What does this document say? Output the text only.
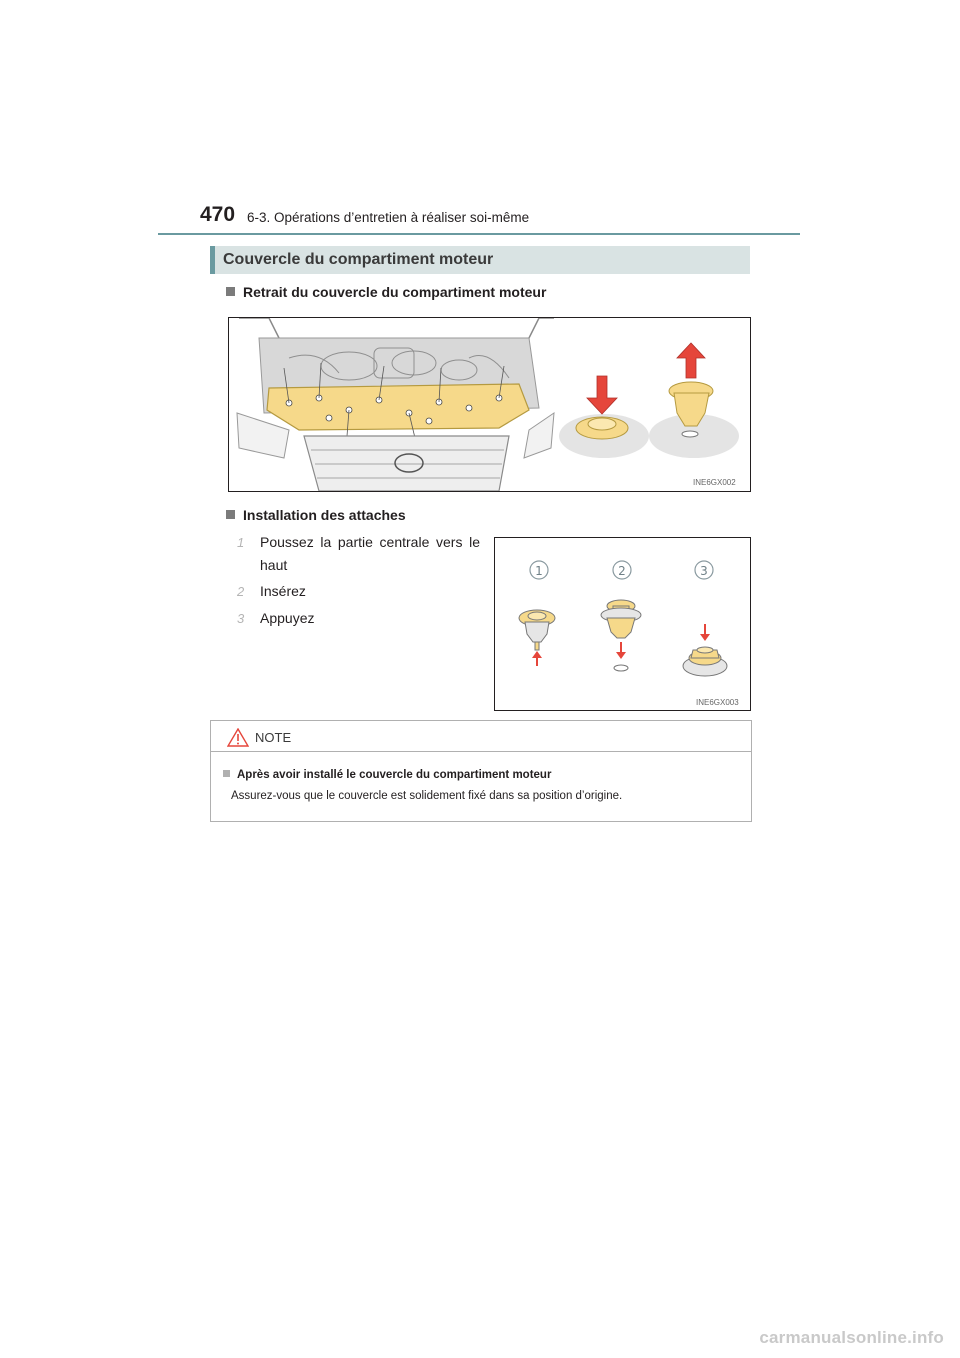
470 6-3. Opérations d’entretien à réaliser soi-même
Couvercle du compartiment moteur
Retrait du couvercle du compartiment moteur
INE6GX002
Installation des attaches
1 Poussez la partie centrale vers le haut
2 Insérez
3 Appuyez
1	2	3
INE6GX003
NOTE
Après avoir installé le couvercle du compartiment moteur
Assurez-vous que le couvercle est solidement fixé dans sa position d’origine.
carmanualsonline.info
